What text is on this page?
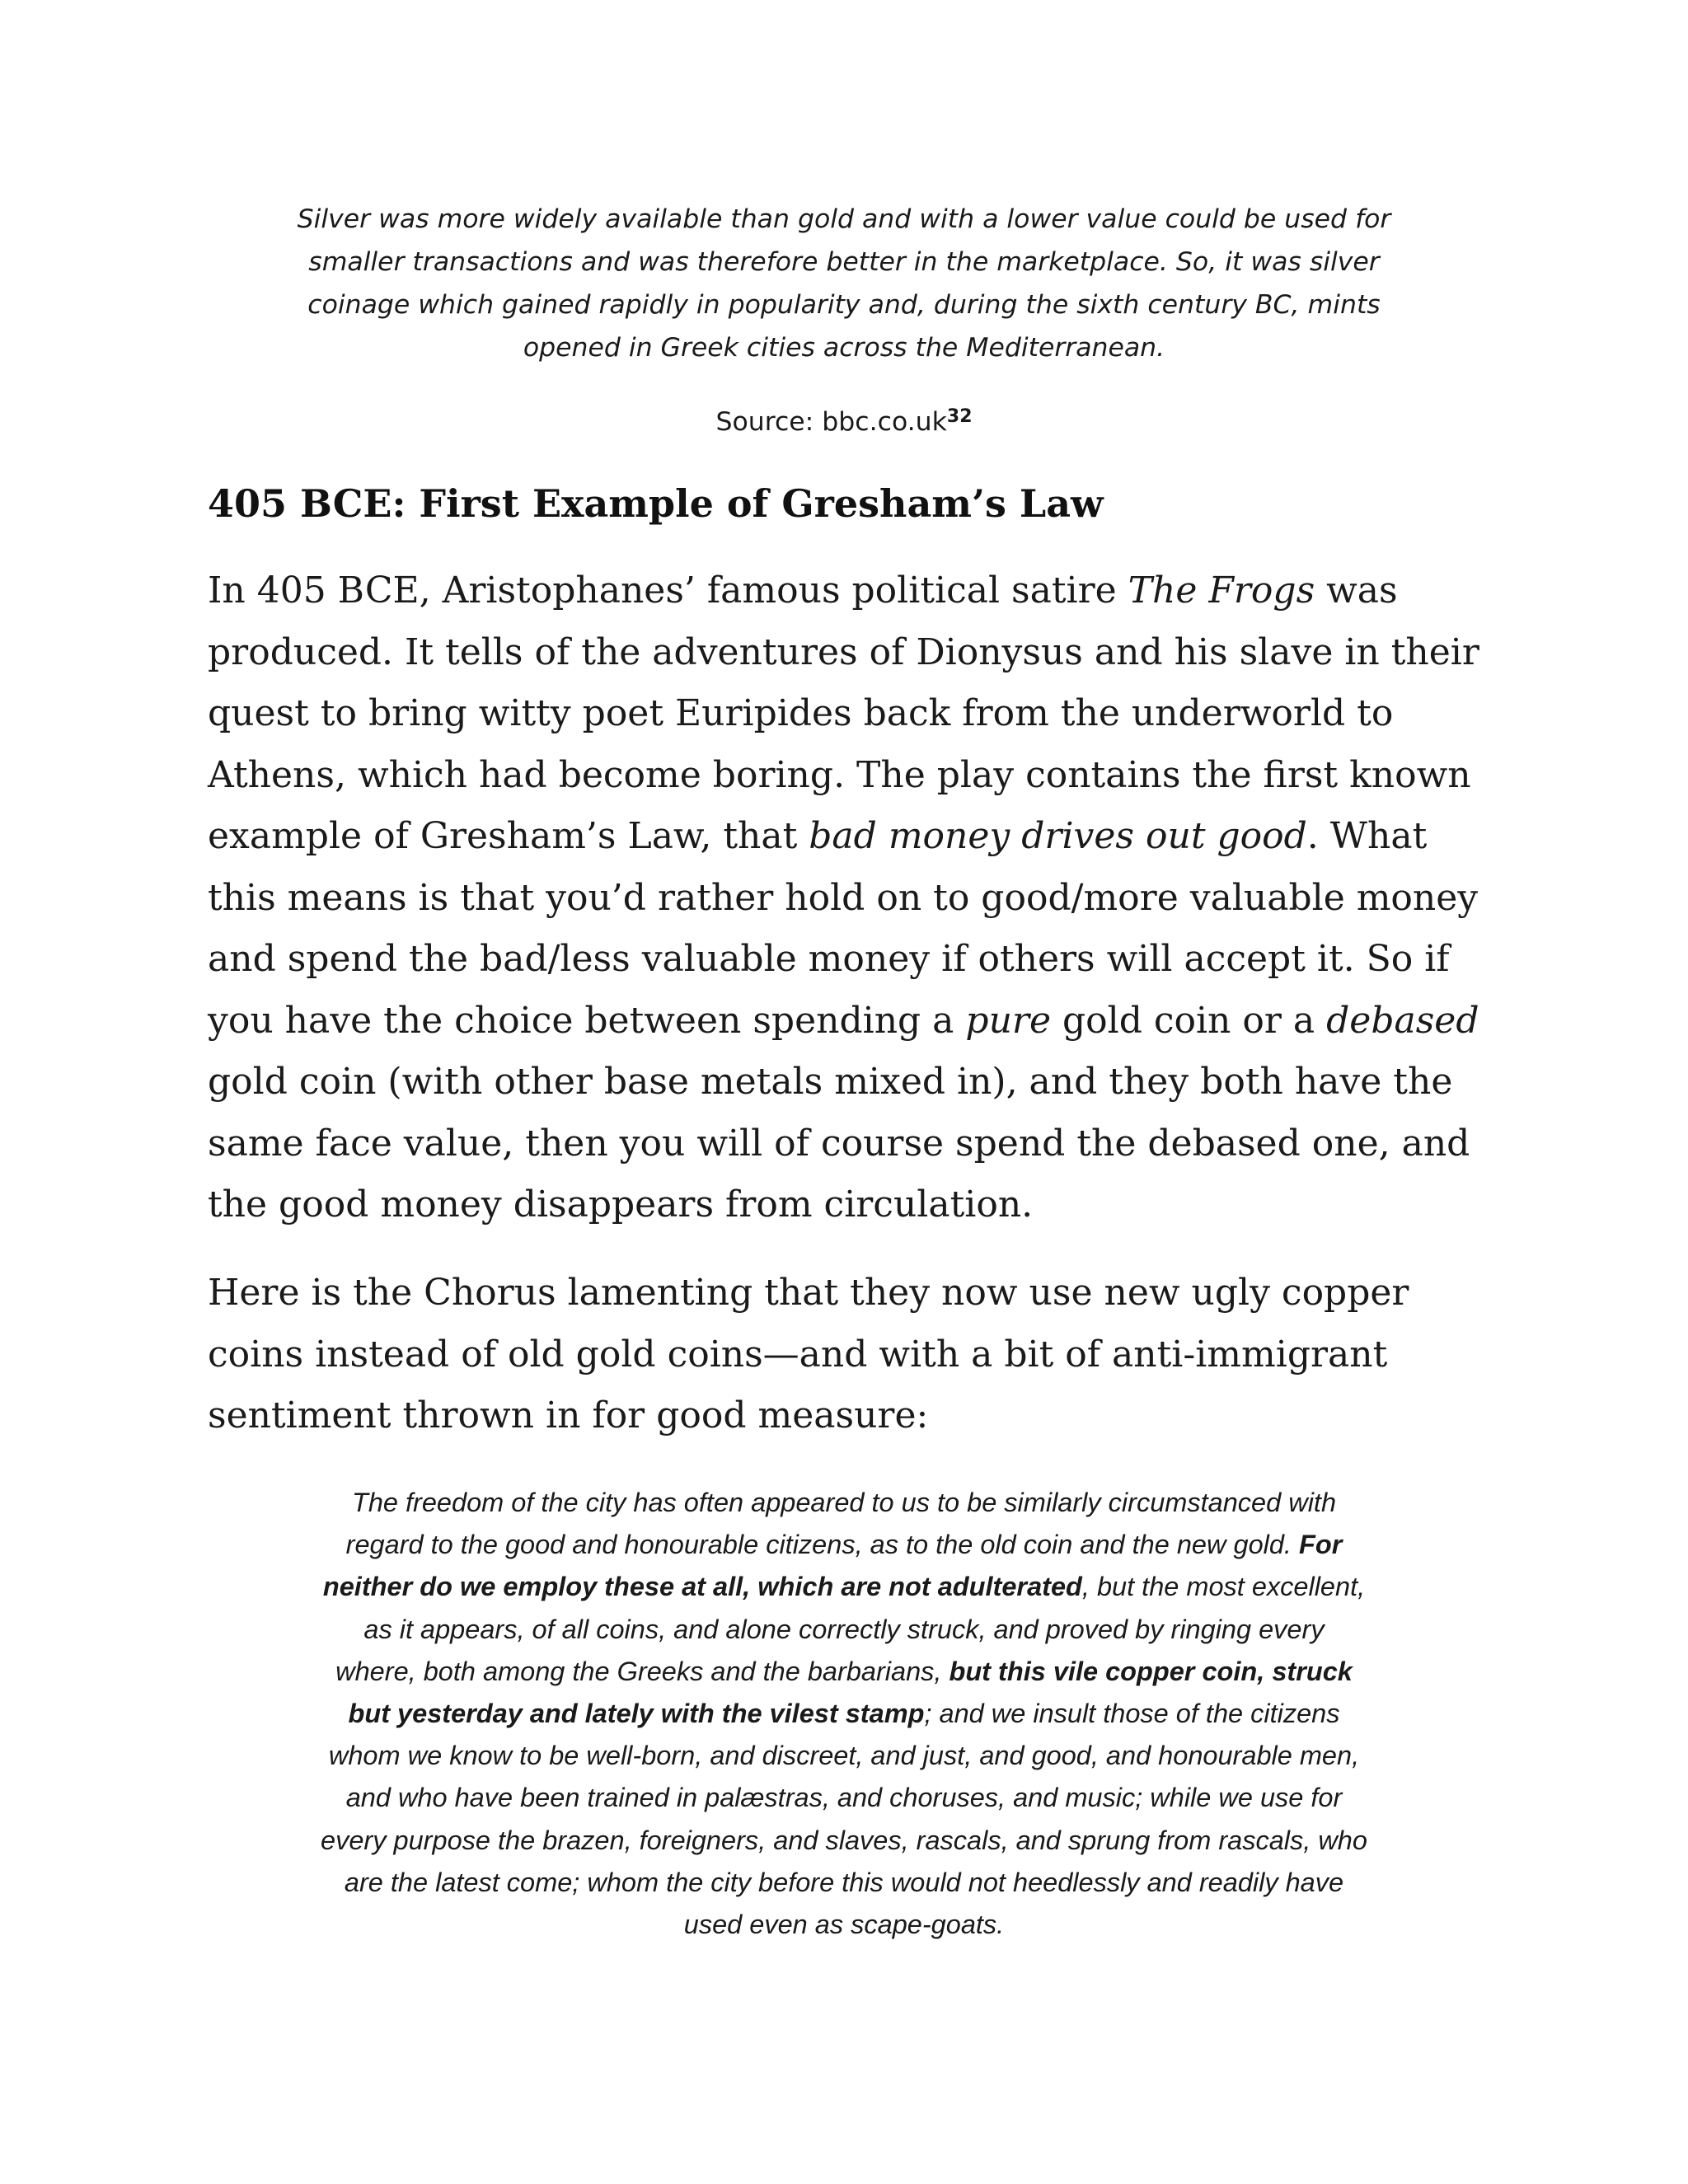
Silver was more widely available than gold and with a lower value could be used for
smaller transactions and was therefore better in the marketplace. So, it was silver
coinage which gained rapidly in popularity and, during the sixth century BC, mints
opened in Greek cities across the Mediterranean.
Source: $bbc.co.uk^{32}$
405 BCE: First Example of Gresham’s Law
In 405 BCE, Aristophanes’ famous political satire The Frogs was
produced. It tells of the adventures of Dionysus and his slave in their
quest to bring witty poet Euripides back from the underworld to
Athens, which had become boring. The play contains the first known
example of Gresham’s Law, that bad money drives out good. What
this means is that you’d rather hold on to good/more valuable money
and spend the bad/less valuable money if others will accept it. So if
you have the choice between spending a pure gold coin or a debased
gold coin (with other base metals mixed in), and they both have the
same face value, then you will of course spend the debased one, and
the good money disappears from circulation.
Here is the Chorus lamenting that they now use new ugly copper
coins instead of old gold coins—and with a bit of anti-immigrant
sentiment thrown in for good measure:
The freedom of the city has often appeared to us to be similarly circumstanced with
regard to the good and honourable citizens, as to the old coin and the new gold. For
neither do we employ these at all, which are not adulterated, but the most excellent,
as it appears, of all coins, and alone correctly struck, and proved by ringing every
where, both among the Greeks and the barbarians, but this vile copper coin, struck
but yesterday and lately with the vilest stamp; and we insult those of the citizens
whom we know to be well-born, and discreet, and just, and good, and honourable men,
and who have been trained in palæstras, and choruses, and music; while we use for
every purpose the brazen, foreigners, and slaves, rascals, and sprung from rascals, who
are the latest come; whom the city before this would not heedlessly and readily have
used even as scape-goats.
